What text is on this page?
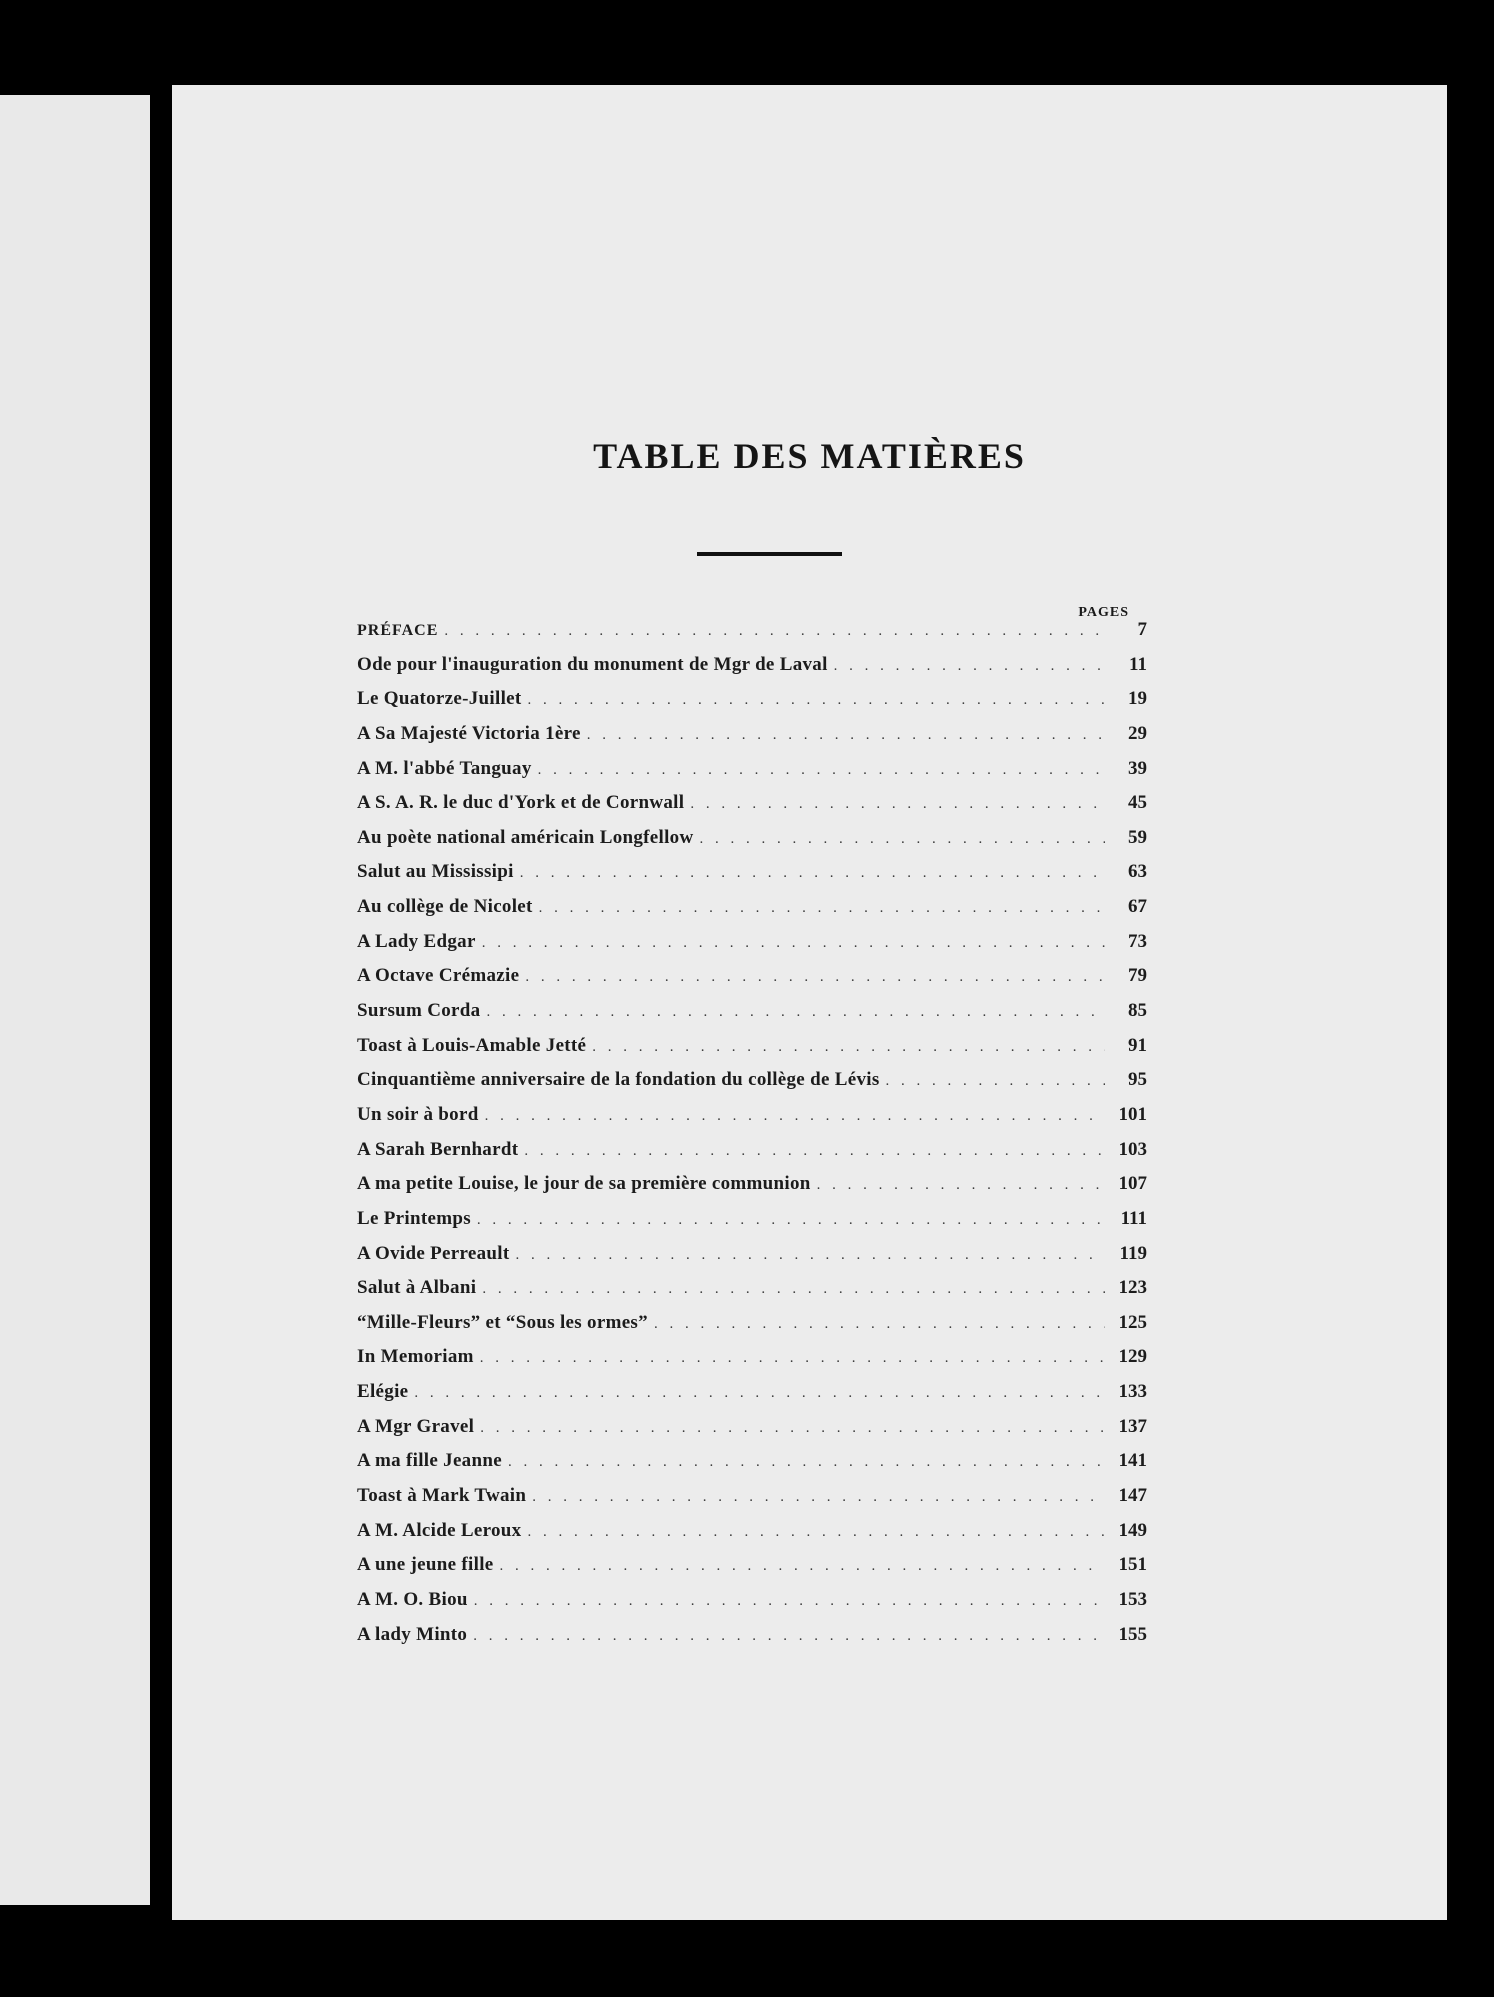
TABLE DES MATIÈRES
PAGES
PRÉFACE . . .	7
Ode pour l'inauguration du monument de Mgr de Laval . . .	11
Le Quatorze-Juillet . . .	19
A Sa Majesté Victoria 1ère . . .	29
A M. l'abbé Tanguay . . .	39
A S. A. R. le duc d'York et de Cornwall . . .	45
Au poète national américain Longfellow . . .	59
Salut au Mississipi . . .	63
Au collège de Nicolet . . .	67
A Lady Edgar . . .	73
A Octave Crémazie . . .	79
Sursum Corda . . .	85
Toast à Louis-Amable Jetté . . .	91
Cinquantième anniversaire de la fondation du collège de Lévis . . .	95
Un soir à bord . . .	101
A Sarah Bernhardt . . .	103
A ma petite Louise, le jour de sa première communion . . .	107
Le Printemps . . .	111
A Ovide Perreault . . .	119
Salut à Albani . . .	123
“Mille-Fleurs” et “Sous les ormes” . . .	125
In Memoriam . . .	129
Elégie . . .	133
A Mgr Gravel . . .	137
A ma fille Jeanne . . .	141
Toast à Mark Twain . . .	147
A M. Alcide Leroux . . .	149
A une jeune fille . . .	151
A M. O. Biou . . .	153
A lady Minto . . .	155
